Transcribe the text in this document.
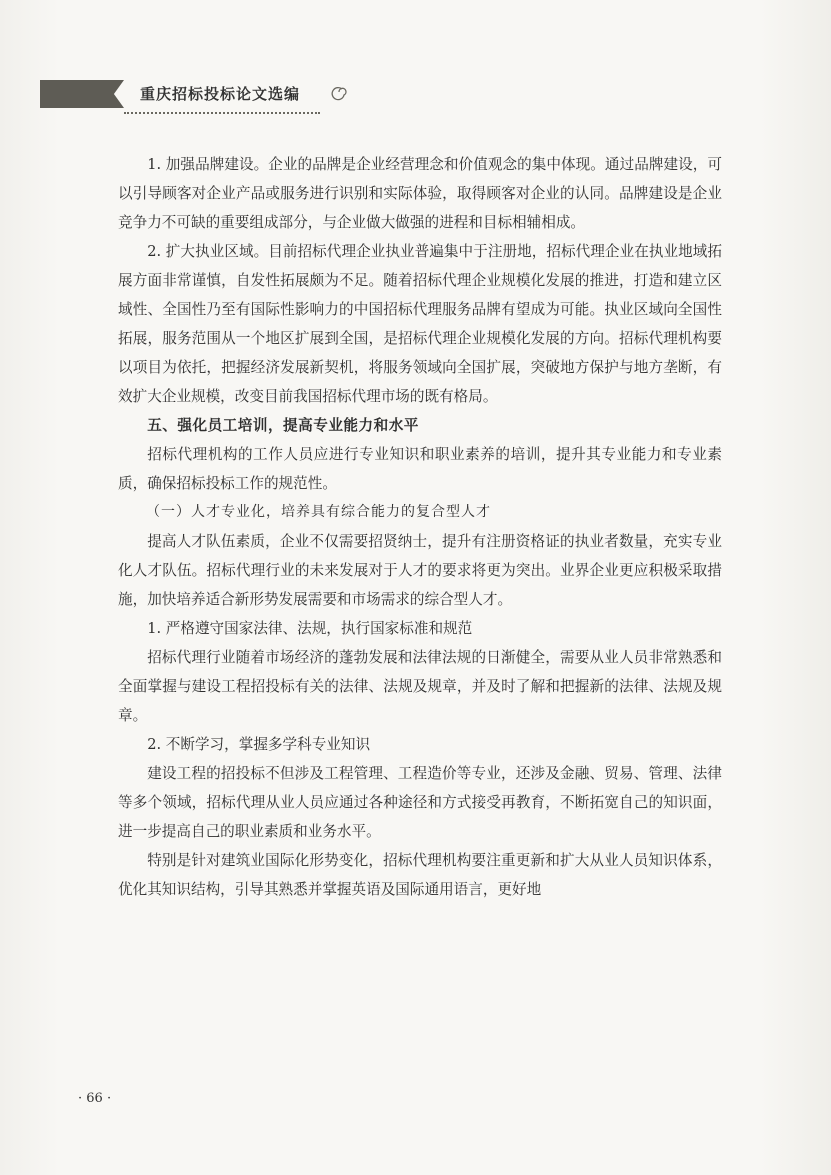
重庆招标投标论文选编

1. 加强品牌建设。企业的品牌是企业经营理念和价值观念的集中体现。通过品牌建设，可以引导顾客对企业产品或服务进行识别和实际体验，取得顾客对企业的认同。品牌建设是企业竞争力不可缺的重要组成部分，与企业做大做强的进程和目标相辅相成。

2. 扩大执业区域。目前招标代理企业执业普遍集中于注册地，招标代理企业在执业地域拓展方面非常谨慎，自发性拓展颇为不足。随着招标代理企业规模化发展的推进，打造和建立区域性、全国性乃至有国际性影响力的中国招标代理服务品牌有望成为可能。执业区域向全国性拓展，服务范围从一个地区扩展到全国，是招标代理企业规模化发展的方向。招标代理机构要以项目为依托，把握经济发展新契机，将服务领域向全国扩展，突破地方保护与地方垄断，有效扩大企业规模，改变目前我国招标代理市场的既有格局。

五、强化员工培训，提高专业能力和水平

招标代理机构的工作人员应进行专业知识和职业素养的培训，提升其专业能力和专业素质，确保招标投标工作的规范性。

（一）人才专业化，培养具有综合能力的复合型人才

提高人才队伍素质，企业不仅需要招贤纳士，提升有注册资格证的执业者数量，充实专业化人才队伍。招标代理行业的未来发展对于人才的要求将更为突出。业界企业更应积极采取措施，加快培养适合新形势发展需要和市场需求的综合型人才。

1. 严格遵守国家法律、法规，执行国家标准和规范

招标代理行业随着市场经济的蓬勃发展和法律法规的日渐健全，需要从业人员非常熟悉和全面掌握与建设工程招投标有关的法律、法规及规章，并及时了解和把握新的法律、法规及规章。

2. 不断学习，掌握多学科专业知识

建设工程的招投标不但涉及工程管理、工程造价等专业，还涉及金融、贸易、管理、法律等多个领域，招标代理从业人员应通过各种途径和方式接受再教育，不断拓宽自己的知识面，进一步提高自己的职业素质和业务水平。

特别是针对建筑业国际化形势变化，招标代理机构要注重更新和扩大从业人员知识体系，优化其知识结构，引导其熟悉并掌握英语及国际通用语言，更好地

· 66 ·
